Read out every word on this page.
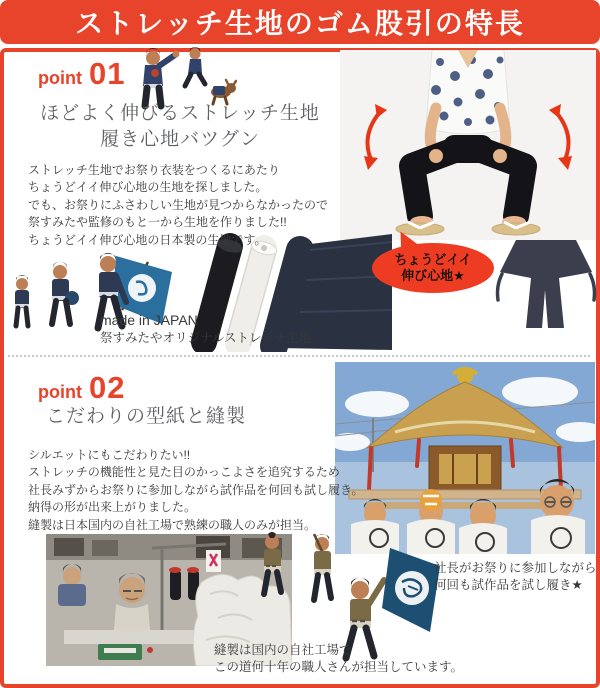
ストレッチ生地のゴム股引の特長
point 01
ほどよく伸びるストレッチ生地
履き心地バツグン
ストレッチ生地でお祭り衣装をつくるにあたり
ちょうどイイ伸び心地の生地を探しました。
でも、お祭りにふさわしい生地が見つからなかったので
祭すみたや監修のもと一から生地を作りました!!
ちょうどイイ伸び心地の日本製の生地です。
made in JAPAN
祭すみたやオリジナルストレッチ生地
ちょうどイイ
伸び心地★
point 02
こだわりの型紙と縫製
シルエットにもこだわりたい!!
ストレッチの機能性と見た目のかっこよさを追究するため
社長みずからお祭りに参加しながら試作品を何回も試し履き。
納得の形が出来上がりました。
縫製は日本国内の自社工場で熟練の職人のみが担当。
社長がお祭りに参加しながら
何回も試作品を試し履き★
縫製は国内の自社工場で
この道何十年の職人さんが担当しています。
